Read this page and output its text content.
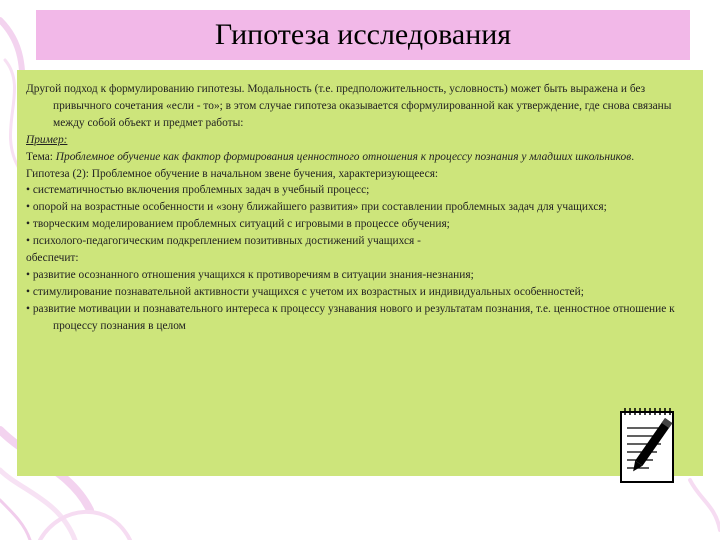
Гипотеза исследования

Другой подход к формулированию гипотезы. Модальность (т.е. предположительность, условность) может быть выражена и без привычного сочетания «если - то»; в этом случае гипотеза оказывается сформулированной как утверждение, где снова связаны между собой объект и предмет работы:

Пример:

Тема: Проблемное обучение как фактор формирования ценностного отношения к процессу познания у младших школьников.

Гипотеза (2): Проблемное обучение в начальном звене бучения, характеризующееся:

• систематичностью включения проблемных задач в учебный процесс;

• опорой на возрастные особенности и «зону ближайшего развития» при составлении проблемных задач для учащихся;

• творческим моделированием проблемных ситуаций с игровыми в процессе обучения;

• психолого-педагогическим подкреплением позитивных достижений учащихся -

обеспечит:

• развитие осознанного отношения учащихся к противоречиям в ситуации знания-незнания;

• стимулирование познавательной активности учащихся с учетом их возрастных и индивидуальных особенностей;

• развитие мотивации и познавательного интереса к процессу узнавания нового и результатам познания, т.е. ценностное отношение к процессу познания в целом
